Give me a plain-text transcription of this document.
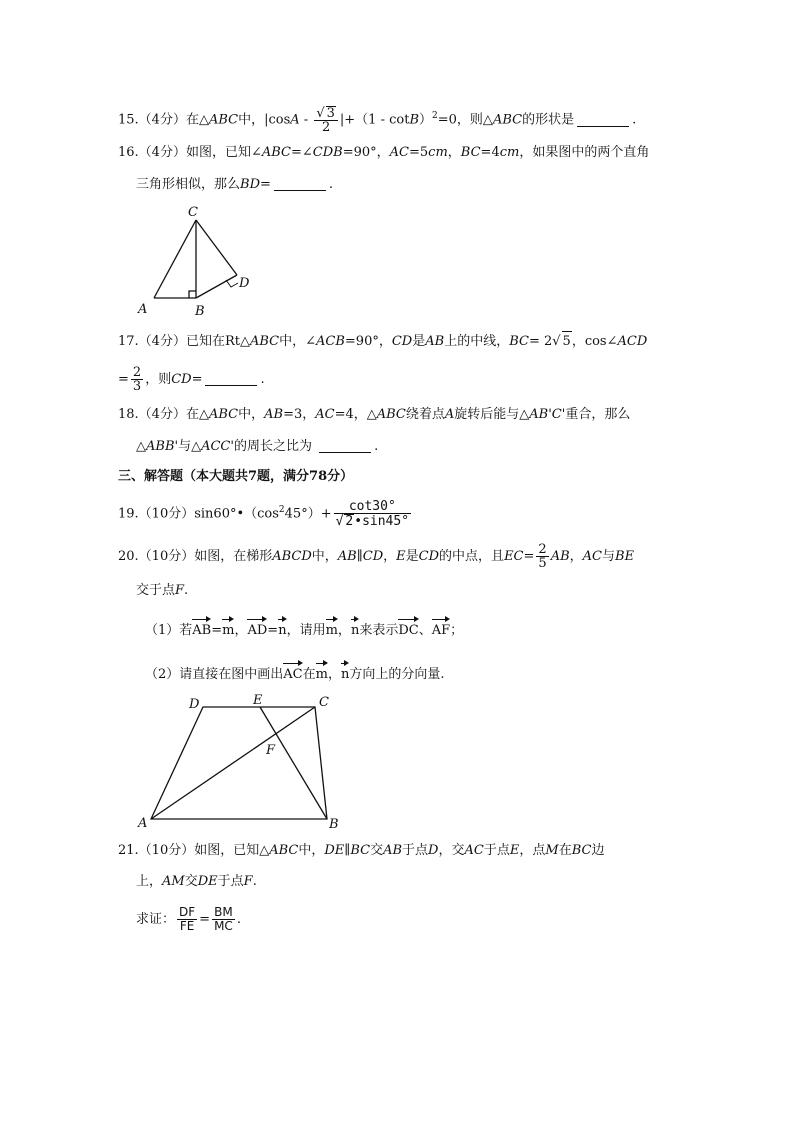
15.（4分）在△ABC中，$|\cos A - \frac{√ 3}{2} |+(1 - \cot B)^2=0$，则△ABC的形状是	.
16.（4分）如图，已知∠ABC=∠CDB=90°，AC=5cm，BC=4cm，如果图中的两个直角
三角形相似，那么BD=	.
C
D
A	B
17.（4分）已知在Rt△ABC中，∠ACB=90°，CD是AB上的中线，BC= 2√ 5，cos∠ACD
= $\frac{2}{3}$ ，则CD=	.
18.（4分）在△ABC中，AB=3，AC=4，△ABC绕着点A旋转后能与△AB'C'重合，那么
△ABB'与△ACC'的周长之比为	.
三、解答题（本大题共7题，满分78分）
19.（10分）$\sin 60^\circ•(\cos^245^\circ)+ \frac{\cot 30^\circ}{√ 2•\sin 45^\circ}$
20.（10分）如图，在梯形ABCD中，AB∥CD，E是CD的中点，且$EC= \frac{2}{5}$ AB，AC与BE
交于点F.
（1）若AB=m，AD=n，请用m，n来表示DC、AF；
（2）请直接在图中画出AC在m，n方向上的分向量.
D	E	C
F
A	B
21.（10分）如图，已知△ABC中，DE∥BC交AB于点D，交AC于点E，点M在BC边
上，AM交DE于点F.
求证： $\frac{DF}{FE} = \frac{BM}{MC}$ .
